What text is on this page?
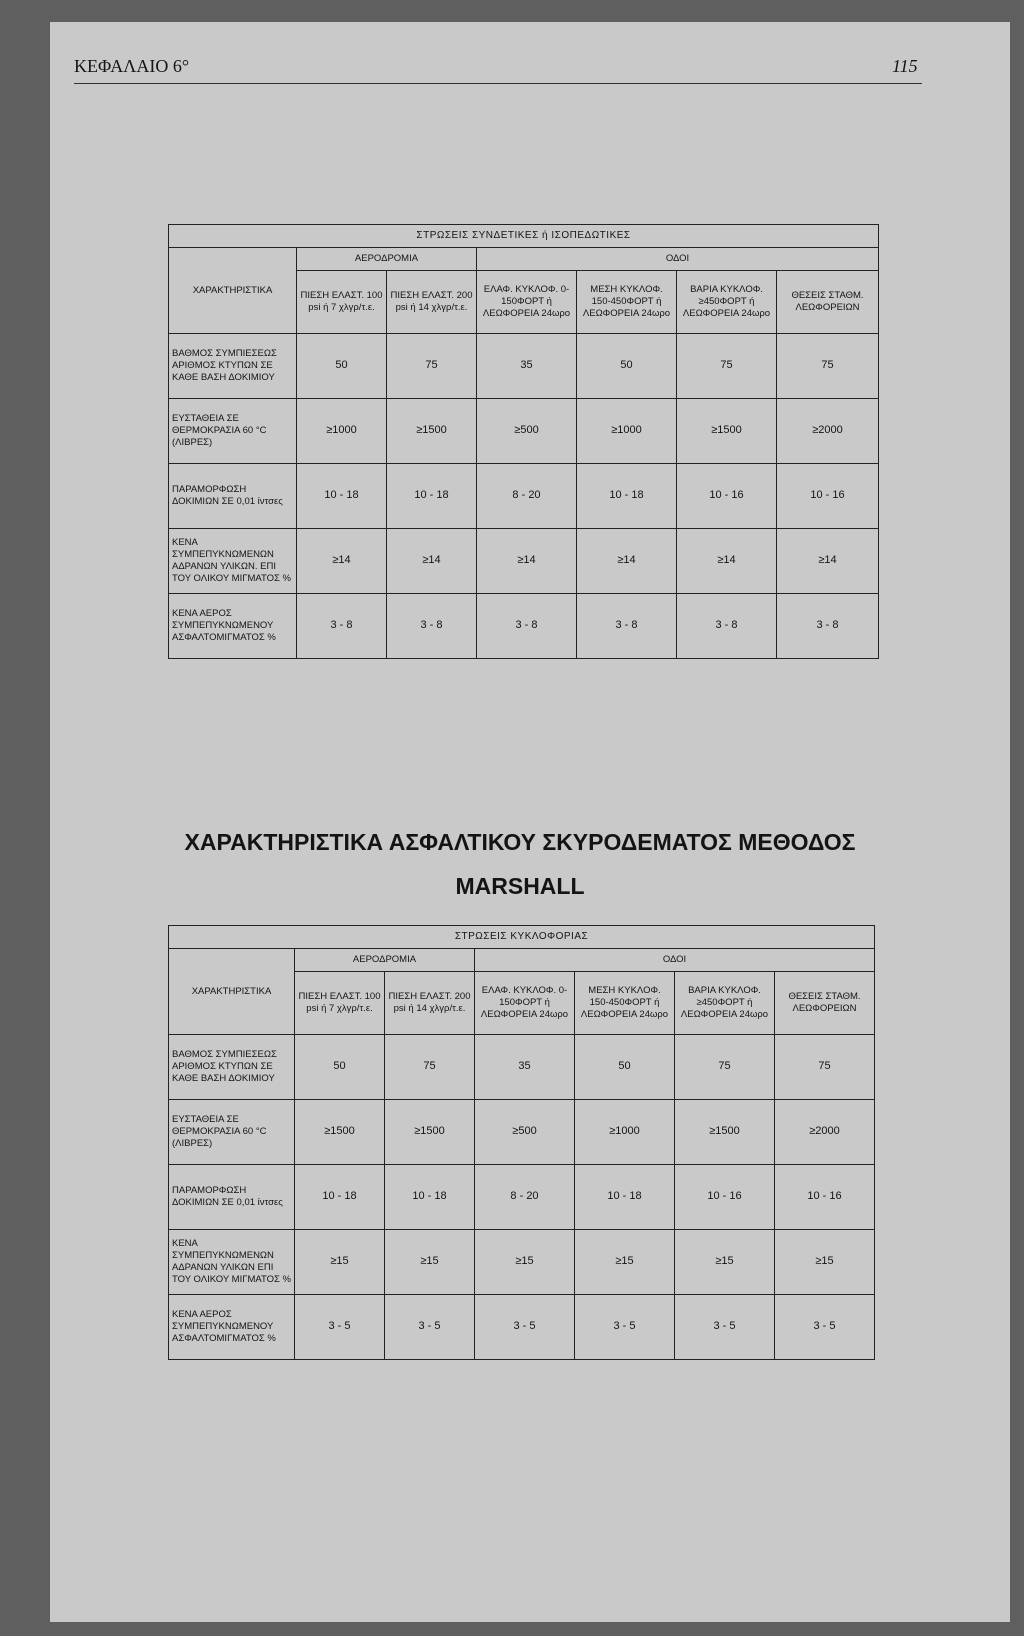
ΚΕΦΑΛΑΙΟ 6°	115
ΣΤΡΩΣΕΙΣ ΣΥΝΔΕΤΙΚΕΣ ή ΙΣΟΠΕΔΩΤΙΚΕΣ						
ΧΑΡΑΚΤΗΡΙΣΤΙΚΑ	ΑΕΡΟΔΡΟΜΙΑ		ΟΔΟΙ			
	ΠΙΕΣΗ ΕΛΑΣΤ. 100 psi ή 7 χλγρ/τ.ε.	ΠΙΕΣΗ ΕΛΑΣΤ. 200 psi ή 14 χλγρ/τ.ε.	ΕΛΑΦ. ΚΥΚΛΟΦ. 0-150ΦΟΡΤ ή ΛΕΩΦΟΡΕΙΑ 24ωρο	ΜΕΣΗ ΚΥΚΛΟΦ. 150-450ΦΟΡΤ ή ΛΕΩΦΟΡΕΙΑ 24ωρο	ΒΑΡΙΑ ΚΥΚΛΟΦ. ≥450ΦΟΡΤ ή ΛΕΩΦΟΡΕΙΑ 24ωρο	ΘΕΣΕΙΣ ΣΤΑΘΜ. ΛΕΩΦΟΡΕΙΩΝ
ΒΑΘΜΟΣ ΣΥΜΠΙΕΣΕΩΣ ΑΡΙΘΜΟΣ ΚΤΥΠΩΝ ΣΕ ΚΑΘΕ ΒΑΣΗ ΔΟΚΙΜΙΟΥ	50	75	35	50	75	75
ΕΥΣΤΑΘΕΙΑ ΣΕ ΘΕΡΜΟΚΡΑΣΙΑ 60 °C (ΛΙΒΡΕΣ)	≥1000	≥1500	≥500	≥1000	≥1500	≥2000
ΠΑΡΑΜΟΡΦΩΣΗ ΔΟΚΙΜΙΩΝ ΣΕ 0,01 ίντσες	10 - 18	10 - 18	8 - 20	10 - 18	10 - 16	10 - 16
ΚΕΝΑ ΣΥΜΠΕΠΥΚΝΩΜΕΝΩΝ ΑΔΡΑΝΩΝ ΥΛΙΚΩΝ. ΕΠΙ ΤΟΥ ΟΛΙΚΟΥ ΜΙΓΜΑΤΟΣ %	≥14	≥14	≥14	≥14	≥14	≥14
ΚΕΝΑ ΑΕΡΟΣ ΣΥΜΠΕΠΥΚΝΩΜΕΝΟΥ ΑΣΦΑΛΤΟΜΙΓΜΑΤΟΣ %	3 - 8	3 - 8	3 - 8	3 - 8	3 - 8	3 - 8
ΧΑΡΑΚΤΗΡΙΣΤΙΚΑ ΑΣΦΑΛΤΙΚΟΥ ΣΚΥΡΟΔΕΜΑΤΟΣ ΜΕΘΟΔΟΣ
MARSHALL
ΣΤΡΩΣΕΙΣ ΚΥΚΛΟΦΟΡΙΑΣ						
ΧΑΡΑΚΤΗΡΙΣΤΙΚΑ	ΑΕΡΟΔΡΟΜΙΑ		ΟΔΟΙ			
	ΠΙΕΣΗ ΕΛΑΣΤ. 100 psi ή 7 χλγρ/τ.ε.	ΠΙΕΣΗ ΕΛΑΣΤ. 200 psi ή 14 χλγρ/τ.ε.	ΕΛΑΦ. ΚΥΚΛΟΦ. 0-150ΦΟΡΤ ή ΛΕΩΦΟΡΕΙΑ 24ωρο	ΜΕΣΗ ΚΥΚΛΟΦ. 150-450ΦΟΡΤ ή ΛΕΩΦΟΡΕΙΑ 24ωρο	ΒΑΡΙΑ ΚΥΚΛΟΦ. ≥450ΦΟΡΤ ή ΛΕΩΦΟΡΕΙΑ 24ωρο	ΘΕΣΕΙΣ ΣΤΑΘΜ. ΛΕΩΦΟΡΕΙΩΝ
ΒΑΘΜΟΣ ΣΥΜΠΙΕΣΕΩΣ ΑΡΙΘΜΟΣ ΚΤΥΠΩΝ ΣΕ ΚΑΘΕ ΒΑΣΗ ΔΟΚΙΜΙΟΥ	50	75	35	50	75	75
ΕΥΣΤΑΘΕΙΑ ΣΕ ΘΕΡΜΟΚΡΑΣΙΑ 60 °C (ΛΙΒΡΕΣ)	≥1500	≥1500	≥500	≥1000	≥1500	≥2000
ΠΑΡΑΜΟΡΦΩΣΗ ΔΟΚΙΜΙΩΝ ΣΕ 0,01 ίντσες	10 - 18	10 - 18	8 - 20	10 - 18	10 - 16	10 - 16
ΚΕΝΑ ΣΥΜΠΕΠΥΚΝΩΜΕΝΩΝ ΑΔΡΑΝΩΝ ΥΛΙΚΩΝ ΕΠΙ ΤΟΥ ΟΛΙΚΟΥ ΜΙΓΜΑΤΟΣ %	≥15	≥15	≥15	≥15	≥15	≥15
ΚΕΝΑ ΑΕΡΟΣ ΣΥΜΠΕΠΥΚΝΩΜΕΝΟΥ ΑΣΦΑΛΤΟΜΙΓΜΑΤΟΣ %	3 - 5	3 - 5	3 - 5	3 - 5	3 - 5	3 - 5
